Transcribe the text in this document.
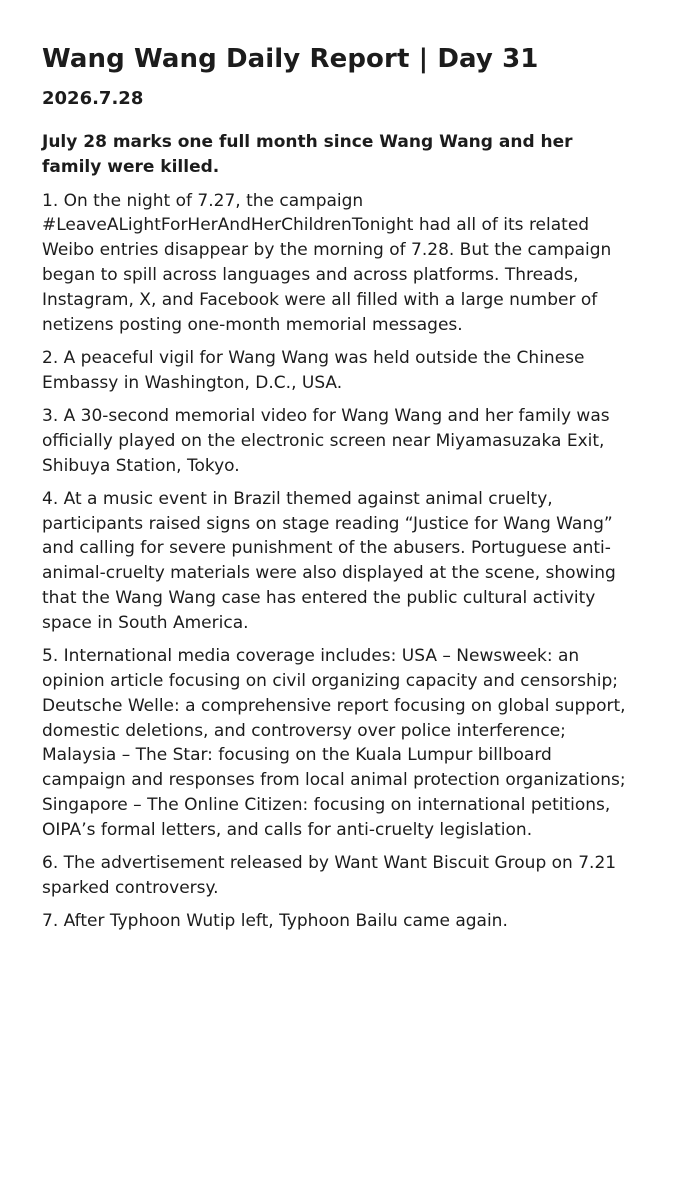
Wang Wang Daily Report | Day 31
2026.7.28

July 28 marks one full month since Wang Wang and her family were killed.

1. On the night of 7.27, the campaign #LeaveALightForHerAndHerChildrenTonight had all of its related Weibo entries disappear by the morning of 7.28. But the campaign began to spill across languages and across platforms. Threads, Instagram, X, and Facebook were all filled with a large number of netizens posting one-month memorial messages.
2. A peaceful vigil for Wang Wang was held outside the Chinese Embassy in Washington, D.C., USA.
3. A 30-second memorial video for Wang Wang and her family was officially played on the electronic screen near Miyamasuzaka Exit, Shibuya Station, Tokyo.
4. At a music event in Brazil themed against animal cruelty, participants raised signs on stage reading “Justice for Wang Wang” and calling for severe punishment of the abusers. Portuguese anti-animal-cruelty materials were also displayed at the scene, showing that the Wang Wang case has entered the public cultural activity space in South America.
5. International media coverage includes: USA – Newsweek: an opinion article focusing on civil organizing capacity and censorship; Deutsche Welle: a comprehensive report focusing on global support, domestic deletions, and controversy over police interference; Malaysia – The Star: focusing on the Kuala Lumpur billboard campaign and responses from local animal protection organizations; Singapore – The Online Citizen: focusing on international petitions, OIPA’s formal letters, and calls for anti-cruelty legislation.
6. The advertisement released by Want Want Biscuit Group on 7.21 sparked controversy.
7. After Typhoon Wutip left, Typhoon Bailu came again.
